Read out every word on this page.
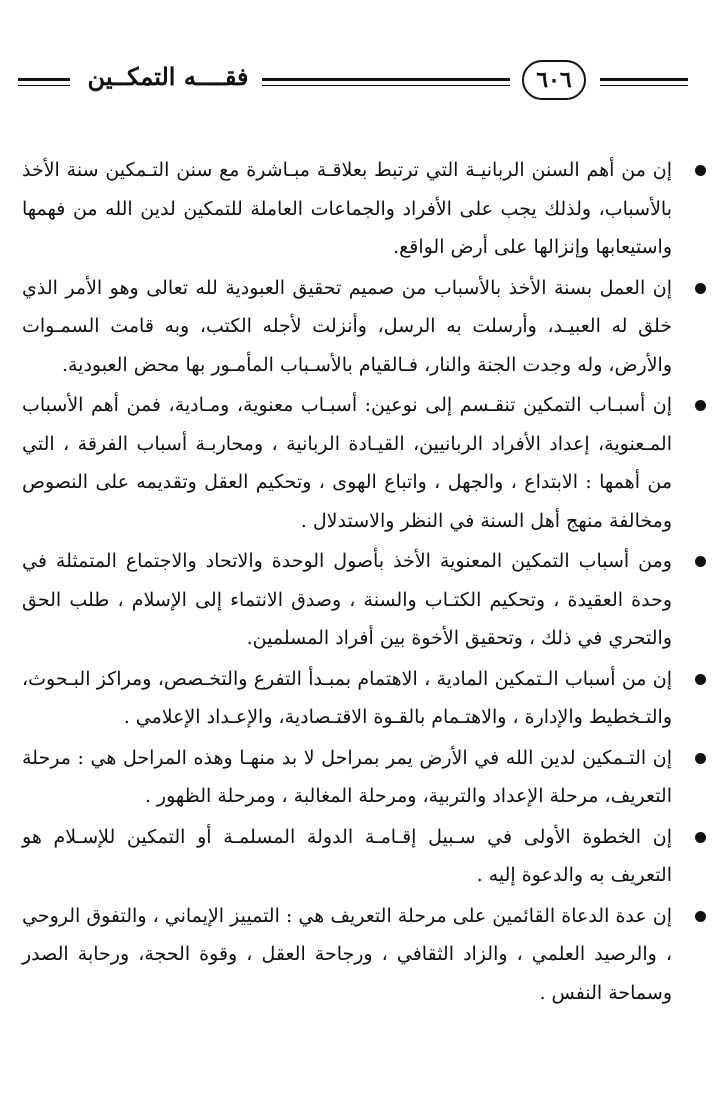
فقــــه التمكــين	٦٠٦

إن من أهم السنن الربانيـة التي ترتبط بعلاقـة مبـاشرة مع سنن التـمكين سنة الأخذ بالأسباب، ولذلك يجب على الأفراد والجماعات العاملة للتمكين لدين الله من فهمها واستيعابها وإنزالها على أرض الواقع.

إن العمل بسنة الأخذ بالأسباب من صميم تحقيق العبودية لله تعالى وهو الأمر الذي خلق له العبيـد، وأرسلت به الرسل، وأنزلت لأجله الكتب، وبه قامت السمـوات والأرض، وله وجدت الجنة والنار، فـالقيام بالأسـباب المأمـور بها محض العبودية.

إن أسبـاب التمكين تنقـسم إلى نوعين: أسبـاب معنوية، ومـادية، فمن أهم الأسباب المـعنوية، إعداد الأفراد الربانيين، القيـادة الربانية ، ومحاربـة أسباب الفرقة ، التي من أهمها : الابتداع ، والجهل ، واتباع الهوى ، وتحكيم العقل وتقديمه على النصوص ومخالفة منهج أهل السنة في النظر والاستدلال .

ومن أسباب التمكين المعنوية الأخذ بأصول الوحدة والاتحاد والاجتماع المتمثلة في وحدة العقيدة ، وتحكيم الكتـاب والسنة ، وصدق الانتماء إلى الإسلام ، طلب الحق والتحري في ذلك ، وتحقيق الأخوة بين أفراد المسلمين.

إن من أسباب الـتمكين المادية ، الاهتمام بمبـدأ التفرع والتخـصص، ومراكز البـحوث، والتـخطيط والإدارة ، والاهتـمام بالقـوة الاقتـصادية، والإعـداد الإعلامي .

إن التـمكين لدين الله في الأرض يمر بمراحل لا بد منهـا وهذه المراحل هي : مرحلة التعريف، مرحلة الإعداد والتربية، ومرحلة المغالبة ، ومرحلة الظهور .

إن الخطوة الأولى في سـبيل إقـامـة الدولة المسلمـة أو التمكين للإسـلام هو التعريف به والدعوة إليه .

إن عدة الدعاة القائمين على مرحلة التعريف هي : التمييز الإيماني ، والتفوق الروحي ، والرصيد العلمي ، والزاد الثقافي ، ورجاحة العقل ، وقوة الحجة، ورحابة الصدر وسماحة النفس .
